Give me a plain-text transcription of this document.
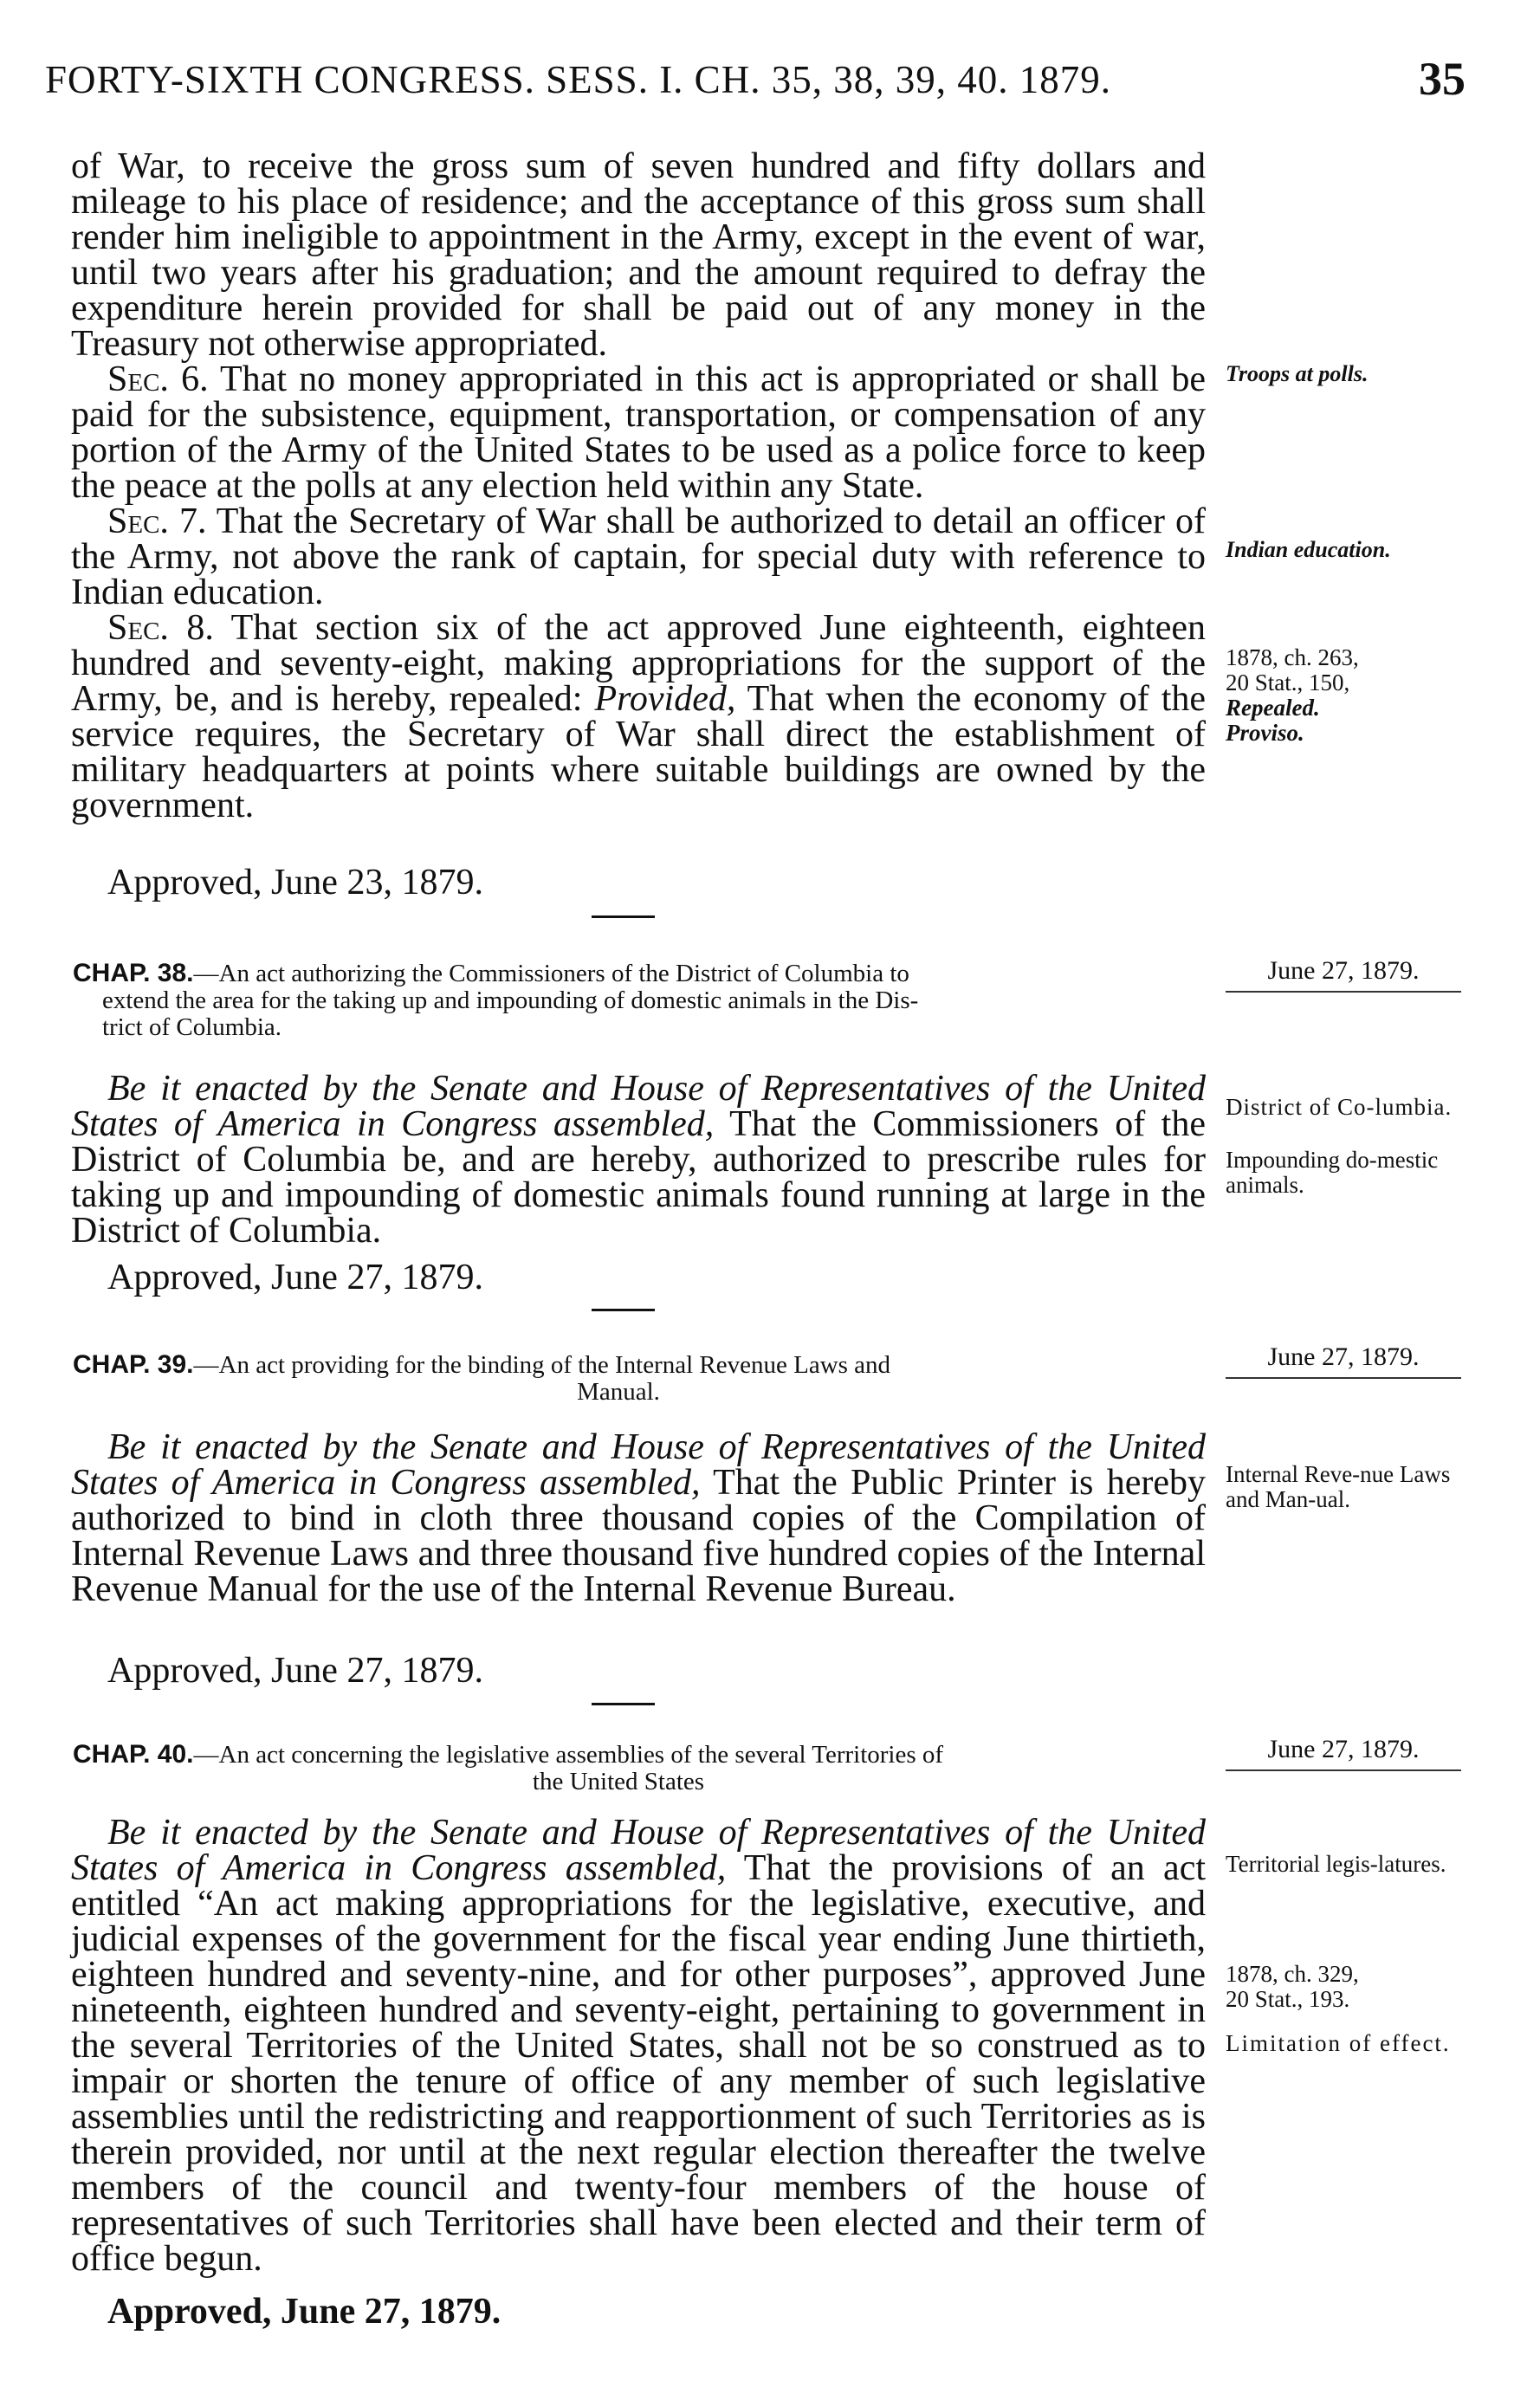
FORTY-SIXTH CONGRESS. SESS. I. CH. 35, 38, 39, 40. 1879.	35

of War, to receive the gross sum of seven hundred and fifty dollars and mileage to his place of residence; and the acceptance of this gross sum shall render him ineligible to appointment in the Army, except in the event of war, until two years after his graduation; and the amount required to defray the expenditure herein provided for shall be paid out of any money in the Treasury not otherwise appropriated.

Sec. 6. That no money appropriated in this act is appropriated or shall be paid for the subsistence, equipment, transportation, or compensation of any portion of the Army of the United States to be used as a police force to keep the peace at the polls at any election held within any State.

Sec. 7. That the Secretary of War shall be authorized to detail an officer of the Army, not above the rank of captain, for special duty with reference to Indian education.

Sec. 8. That section six of the act approved June eighteenth, eighteen hundred and seventy-eight, making appropriations for the support of the Army, be, and is hereby, repealed: Provided, That when the economy of the service requires, the Secretary of War shall direct the establishment of military headquarters at points where suitable buildings are owned by the government.

Approved, June 23, 1879.
Troops at polls.
Indian education.

1878, ch. 263,

20 Stat., 150,

Repealed.

Proviso.

CHAP. 38.—An act authorizing the Commissioners of the District of Columbia to
extend the area for the taking up and impounding of domestic animals in the Dis-
trict of Columbia.
June 27, 1879.

Be it enacted by the Senate and House of Representatives of the United States of America in Congress assembled, That the Commissioners of the District of Columbia be, and are hereby, authorized to prescribe rules for taking up and impounding of domestic animals found running at large in the District of Columbia.

Approved, June 27, 1879.
District of Co-lumbia.
Impounding do-mestic animals.
CHAP. 39.—An act providing for the binding of the Internal Revenue Laws and
Manual.
June 27, 1879.

Be it enacted by the Senate and House of Representatives of the United States of America in Congress assembled, That the Public Printer is hereby authorized to bind in cloth three thousand copies of the Compilation of Internal Revenue Laws and three thousand five hundred copies of the Internal Revenue Manual for the use of the Internal Revenue Bureau.

Approved, June 27, 1879.
Internal Reve-nue Laws and Man-ual.
CHAP. 40.—An act concerning the legislative assemblies of the several Territories of
the United States
June 27, 1879.

Be it enacted by the Senate and House of Representatives of the United States of America in Congress assembled, That the provisions of an act entitled “An act making appropriations for the legislative, executive, and judicial expenses of the government for the fiscal year ending June thirtieth, eighteen hundred and seventy-nine, and for other purposes”, approved June nineteenth, eighteen hundred and seventy-eight, pertaining to government in the several Territories of the United States, shall not be so construed as to impair or shorten the tenure of office of any member of such legislative assemblies until the redistricting and reapportionment of such Territories as is therein provided, nor until at the next regular election thereafter the twelve members of the council and twenty-four members of the house of representatives of such Territories shall have been elected and their term of office begun.

Approved, June 27, 1879.
Territorial legis-latures.

1878, ch. 329,

20 Stat., 193.

Limitation of effect.
